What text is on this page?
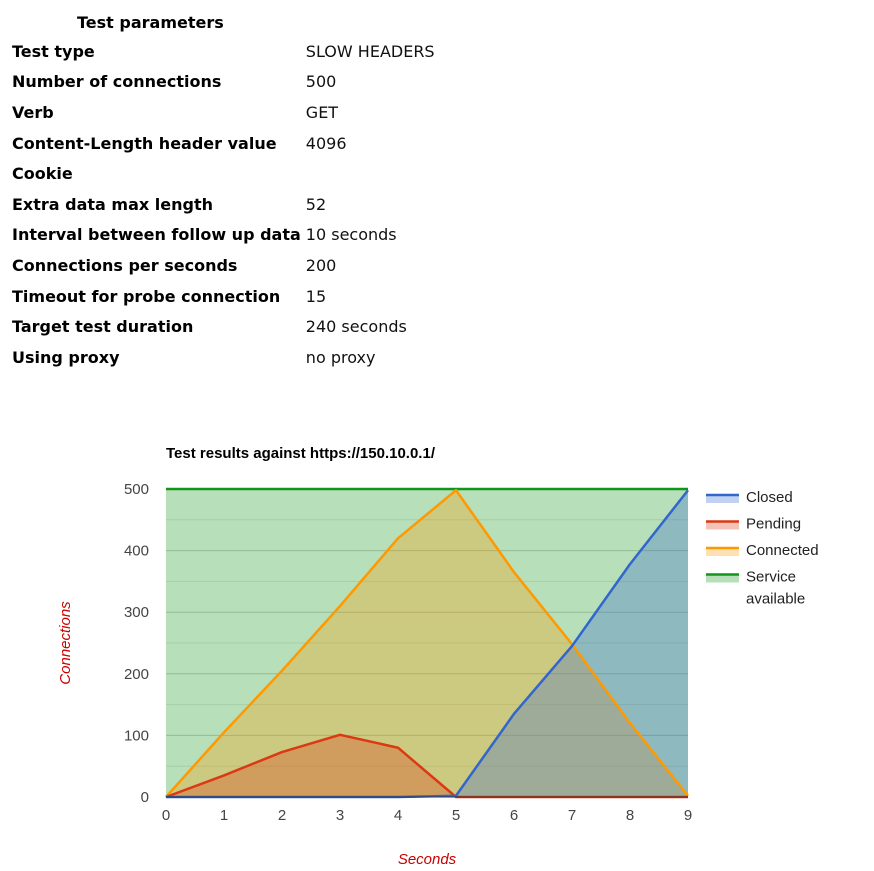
Test parameters	
Test type	SLOW HEADERS
Number of connections	500
Verb	GET
Content-Length header value	4096
Cookie	
Extra data max length	52
Interval between follow up data	10 seconds
Connections per seconds	200
Timeout for probe connection	15
Target test duration	240 seconds
Using proxy	no proxy
Test results against https://150.10.0.1/
0
100
200
300
400
500
0	1	2	3	4	5	6	7	8	9
Seconds
Connections
Closed
Pending
Connected
Service available
